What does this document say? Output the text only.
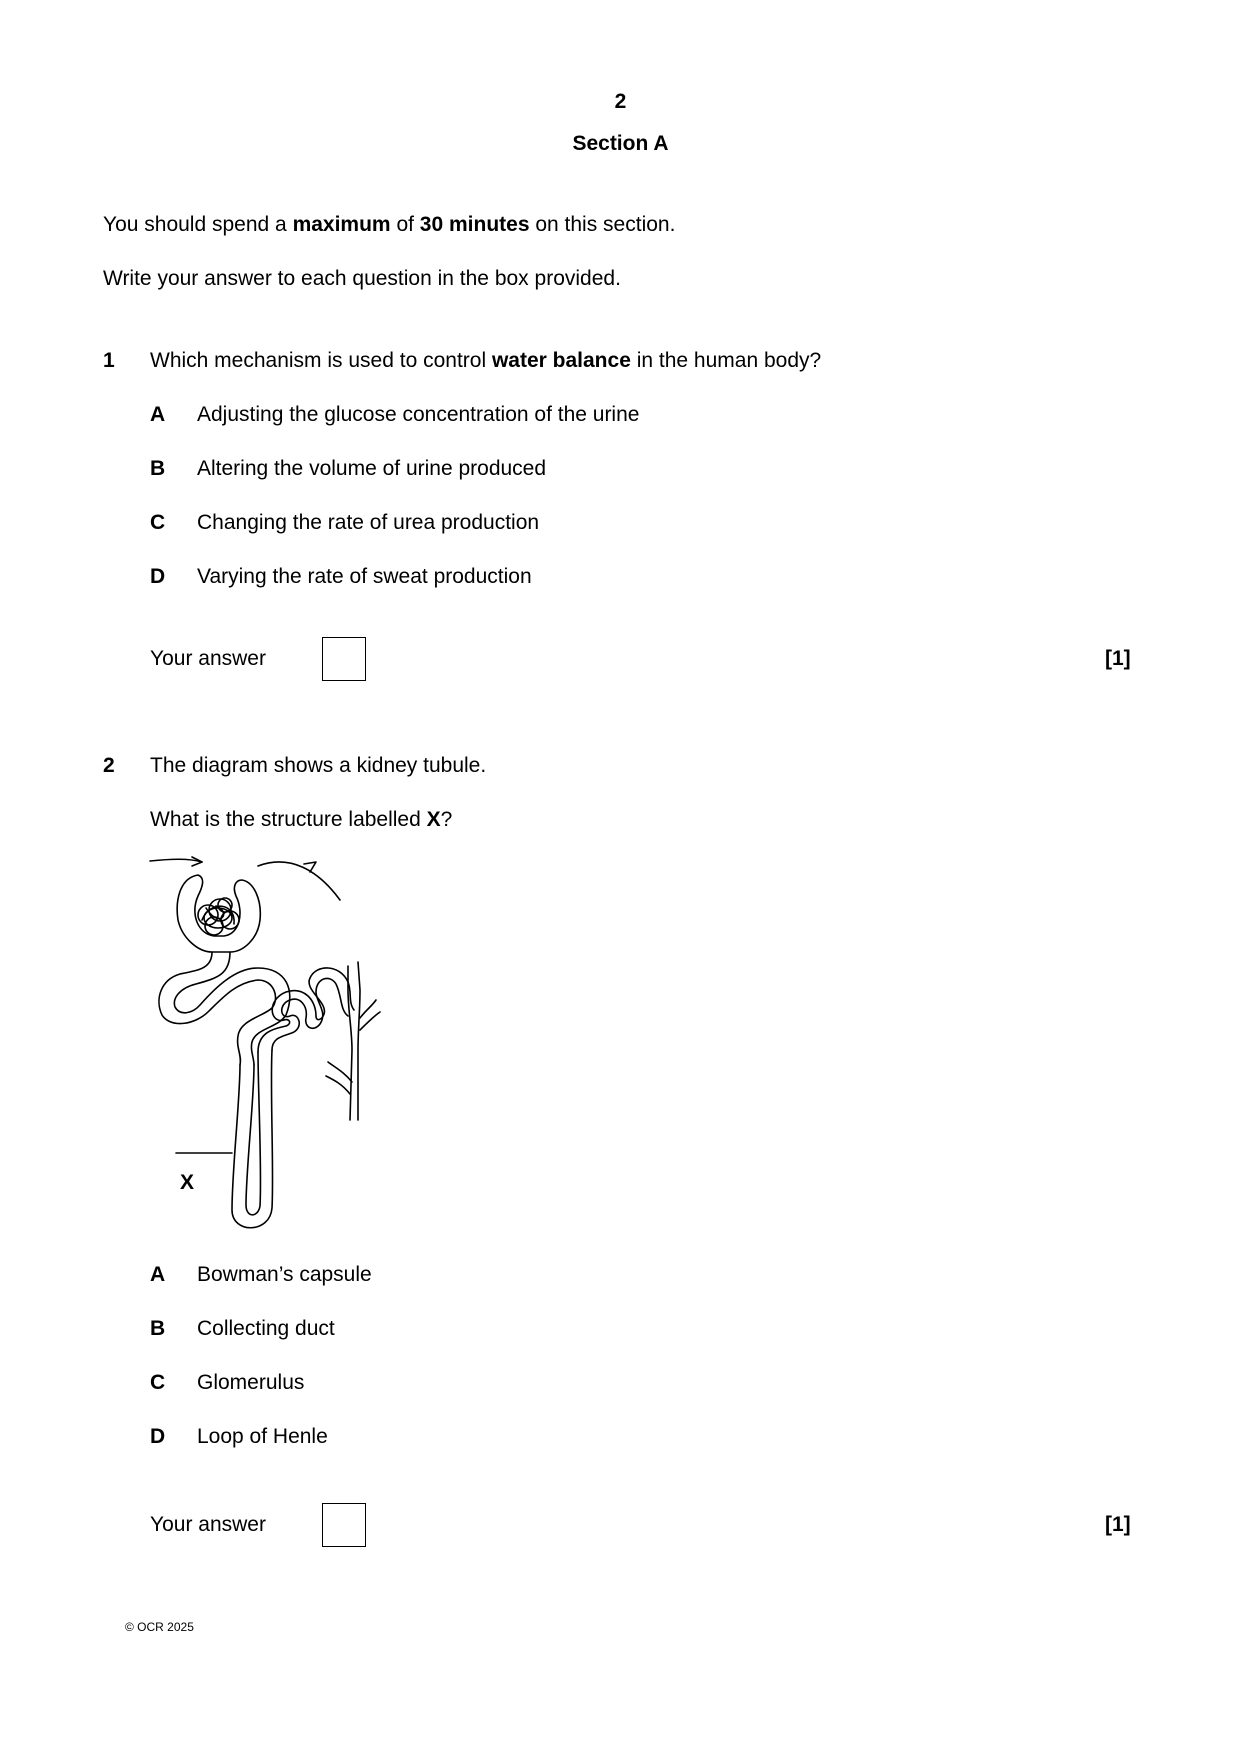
2
Section A
You should spend a maximum of 30 minutes on this section.
Write your answer to each question in the box provided.
1 Which mechanism is used to control water balance in the human body?
A Adjusting the glucose concentration of the urine
B Altering the volume of urine produced
C Changing the rate of urea production
D Varying the rate of sweat production
Your answer	[1]
2 The diagram shows a kidney tubule.
What is the structure labelled X?
X
A Bowman’s capsule
B Collecting duct
C Glomerulus
D Loop of Henle
Your answer	[1]
© OCR 2025
